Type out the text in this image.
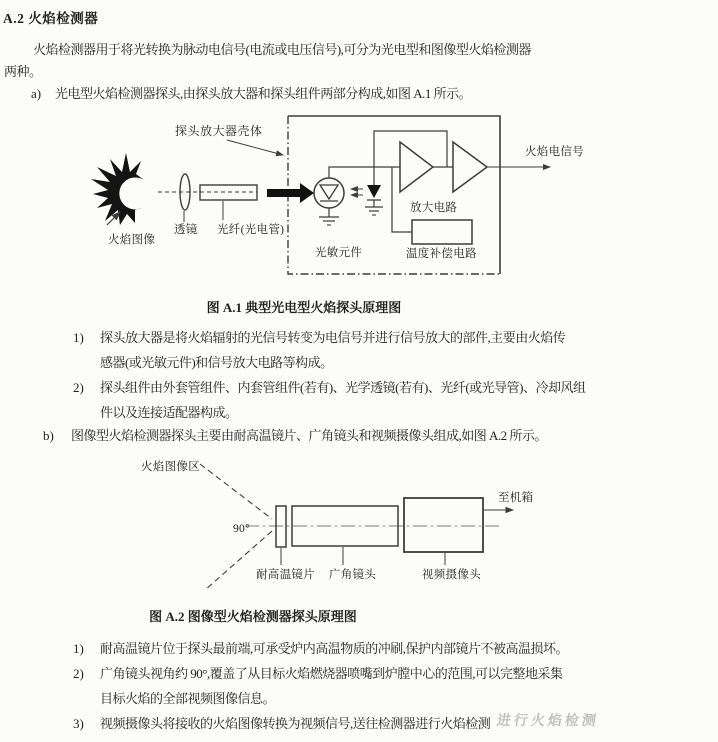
A.2 火焰检测器
火焰检测器用于将光转换为脉动电信号(电流或电压信号),可分为光电型和图像型火焰检测器
两种。
a) 光电型火焰检测器探头,由探头放大器和探头组件两部分构成,如图 A.1 所示。
探头放大器壳体
火焰图像
透镜 光纤(光电管)
光敏元件
放大电路
温度补偿电路
火焰电信号
图 A.1 典型光电型火焰探头原理图
1) 探头放大器是将火焰辐射的光信号转变为电信号并进行信号放大的部件,主要由火焰传
感器(或光敏元件)和信号放大电路等构成。
2) 探头组件由外套管组件、内套管组件(若有)、光学透镜(若有)、光纤(或光导管)、冷却风组
件以及连接适配器构成。
b) 图像型火焰检测器探头主要由耐高温镜片、广角镜头和视频摄像头组成,如图 A.2 所示。
火焰图像区
90°
至机箱
耐高温镜片 广角镜头	视频摄像头
图 A.2 图像型火焰检测器探头原理图
1) 耐高温镜片位于探头最前端,可承受炉内高温物质的冲刷,保护内部镜片不被高温损坏。
2) 广角镜头视角约 90°,覆盖了从目标火焰燃烧器喷嘴到炉膛中心的范围,可以完整地采集
目标火焰的全部视频图像信息。
3) 视频摄像头将接收的火焰图像转换为视频信号,送往检测器进行火焰检测 进行火焰检测
